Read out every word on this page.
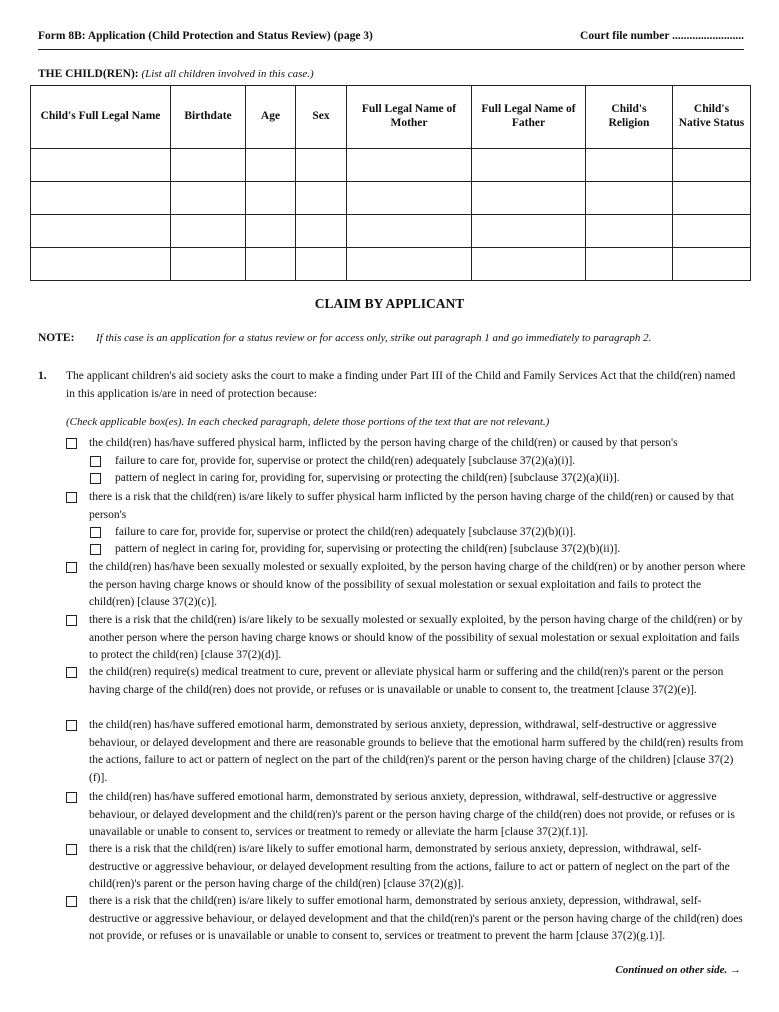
Form 8B: Application (Child Protection and Status Review) (page 3)	Court file number .........................
THE CHILD(REN): (List all children involved in this case.)
Child's Full Legal Name	Birthdate	Age	Sex	Full Legal Name of Mother	Full Legal Name of Father	Child's Religion	Child's Native Status

CLAIM BY APPLICANT
NOTE: If this case is an application for a status review or for access only, strike out paragraph 1 and go immediately to paragraph 2.
1. The applicant children's aid society asks the court to make a finding under Part III of the Child and Family Services Act that the child(ren) named in this application is/are in need of protection because:
(Check applicable box(es). In each checked paragraph, delete those portions of the text that are not relevant.)
the child(ren) has/have suffered physical harm, inflicted by the person having charge of the child(ren) or caused by that person's
failure to care for, provide for, supervise or protect the child(ren) adequately [subclause 37(2)(a)(i)].
pattern of neglect in caring for, providing for, supervising or protecting the child(ren) [subclause 37(2)(a)(ii)].
there is a risk that the child(ren) is/are likely to suffer physical harm inflicted by the person having charge of the child(ren) or caused by that person's
failure to care for, provide for, supervise or protect the child(ren) adequately [subclause 37(2)(b)(i)].
pattern of neglect in caring for, providing for, supervising or protecting the child(ren) [subclause 37(2)(b)(ii)].
the child(ren) has/have been sexually molested or sexually exploited, by the person having charge of the child(ren) or by another person where the person having charge knows or should know of the possibility of sexual molestation or sexual exploitation and fails to protect the child(ren) [clause 37(2)(c)].
there is a risk that the child(ren) is/are likely to be sexually molested or sexually exploited, by the person having charge of the child(ren) or by another person where the person having charge knows or should know of the possibility of sexual molestation or sexual exploitation and fails to protect the child(ren) [clause 37(2)(d)].
the child(ren) require(s) medical treatment to cure, prevent or alleviate physical harm or suffering and the child(ren)'s parent or the person having charge of the child(ren) does not provide, or refuses or is unavailable or unable to consent to, the treatment [clause 37(2)(e)].
the child(ren) has/have suffered emotional harm, demonstrated by serious anxiety, depression, withdrawal, self-destructive or aggressive behaviour, or delayed development and there are reasonable grounds to believe that the emotional harm suffered by the child(ren) results from the actions, failure to act or pattern of neglect on the part of the child(ren)'s parent or the person having charge of the children) [clause 37(2)(f)].
the child(ren) has/have suffered emotional harm, demonstrated by serious anxiety, depression, withdrawal, self-destructive or aggressive behaviour, or delayed development and the child(ren)'s parent or the person having charge of the child(ren) does not provide, or refuses or is unavailable or unable to consent to, services or treatment to remedy or alleviate the harm [clause 37(2)(f.1)].
there is a risk that the child(ren) is/are likely to suffer emotional harm, demonstrated by serious anxiety, depression, withdrawal, self-destructive or aggressive behaviour, or delayed development resulting from the actions, failure to act or pattern of neglect on the part of the child(ren)'s parent or the person having charge of the child(ren) [clause 37(2)(g)].
there is a risk that the child(ren) is/are likely to suffer emotional harm, demonstrated by serious anxiety, depression, withdrawal, self-destructive or aggressive behaviour, or delayed development and that the child(ren)'s parent or the person having charge of the child(ren) does not provide, or refuses or is unavailable or unable to consent to, services or treatment to prevent the harm [clause 37(2)(g.1)].
Continued on other side. →
